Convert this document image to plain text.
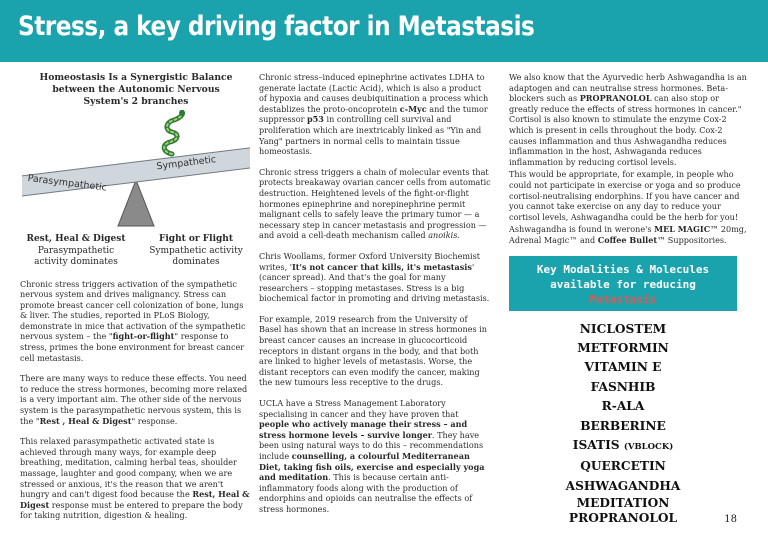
Stress, a key driving factor in Metastasis
Homeostasis Is a Synergistic Balance between the Autonomic Nervous System's 2 branches
Parasympathetic
Sympathetic
Rest, Heal & Digest
Parasympathetic
activity dominates
Fight or Flight
Sympathetic activity
dominates

Chronic stress triggers activation of the sympathetic nervous system and drives malignancy. Stress can promote breast cancer cell colonization of bone, lungs & liver. The studies, reported in PLoS Biology, demonstrate in mice that activation of the sympathetic nervous system – the "fight-or-flight" response to stress, primes the bone environment for breast cancer cell metastasis.

There are many ways to reduce these effects. You need to reduce the stress hormones, becoming more relaxed is a very important aim. The other side of the nervous system is the parasympathetic nervous system, this is the "Rest , Heal & Digest" response.

This relaxed parasympathetic activated state is achieved through many ways, for example deep breathing, meditation, calming herbal teas, shoulder massage, laughter and good company, when we are stressed or anxious, it's the reason that we aren't hungry and can't digest food because the Rest, Heal & Digest response must be entered to prepare the body for taking nutrition, digestion & healing.

Chronic stress–induced epinephrine activates LDHA to generate lactate (Lactic Acid), which is also a product of hypoxia and causes deubiquitination a process which destablizes the proto-oncoprotein c-Myc and the tumor suppressor p53 in controlling cell survival and proliferation which are inextricably linked as "Yin and Yang" partners in normal cells to maintain tissue homeostasis.

Chronic stress triggers a chain of molecular events that protects breakaway ovarian cancer cells from automatic destruction. Heightened levels of the fight-or-flight hormones epinephrine and norepinephrine permit malignant cells to safely leave the primary tumor — a necessary step in cancer metastasis and progression — and avoid a cell-death mechanism called anoikis.

Chris Woollams, former Oxford University Biochemist writes, 'It's not cancer that kills, it's metastasis' (cancer spread). And that's the goal for many researchers – stopping metastases. Stress is a big biochemical factor in promoting and driving metastasis.

For example, 2019 research from the University of Basel has shown that an increase in stress hormones in breast cancer causes an increase in glucocorticoid receptors in distant organs in the body, and that both are linked to higher levels of metastasis. Worse, the distant receptors can even modify the cancer, making the new tumours less receptive to the drugs.

UCLA have a Stress Management Laboratory specialising in cancer and they have proven that people who actively manage their stress – and stress hormone levels – survive longer. They have been using natural ways to do this – recommendations include counselling, a colourful Mediterranean Diet, taking fish oils, exercise and especially yoga and meditation. This is because certain anti-inflammatory foods along with the production of endorphins and opioids can neutralise the effects of stress hormones.

We also know that the Ayurvedic herb Ashwagandha is an adaptogen and can neutralise stress hormones. Beta-blockers such as PROPRANOLOL can also stop or greatly reduce the effects of stress hormones in cancer." Cortisol is also known to stimulate the enzyme Cox-2 which is present in cells throughout the body. Cox-2 causes inflammation and thus Ashwagandha reduces inflammation in the host, Ashwaganda reduces inflammation by reducing cortisol levels.

This would be appropriate, for example, in people who could not participate in exercise or yoga and so produce cortisol-neutralising endorphins. If you have cancer and you cannot take exercise on any day to reduce your cortisol levels, Ashwagandha could be the herb for you!

Ashwagandha is found in werone's MEL MAGIC™ 20mg, Adrenal Magic™ and Coffee Bullet™ Suppositories.

Key Modalities & Molecules
available for reducing
Metastasis
NICLOSTEM
METFORMIN
VITAMIN E
FASNHIB
R-ALA
BERBERINE
ISATIS (VBLOCK)
QUERCETIN
ASHWAGANDHA
MEDITATION
PROPRANOLOL	18
